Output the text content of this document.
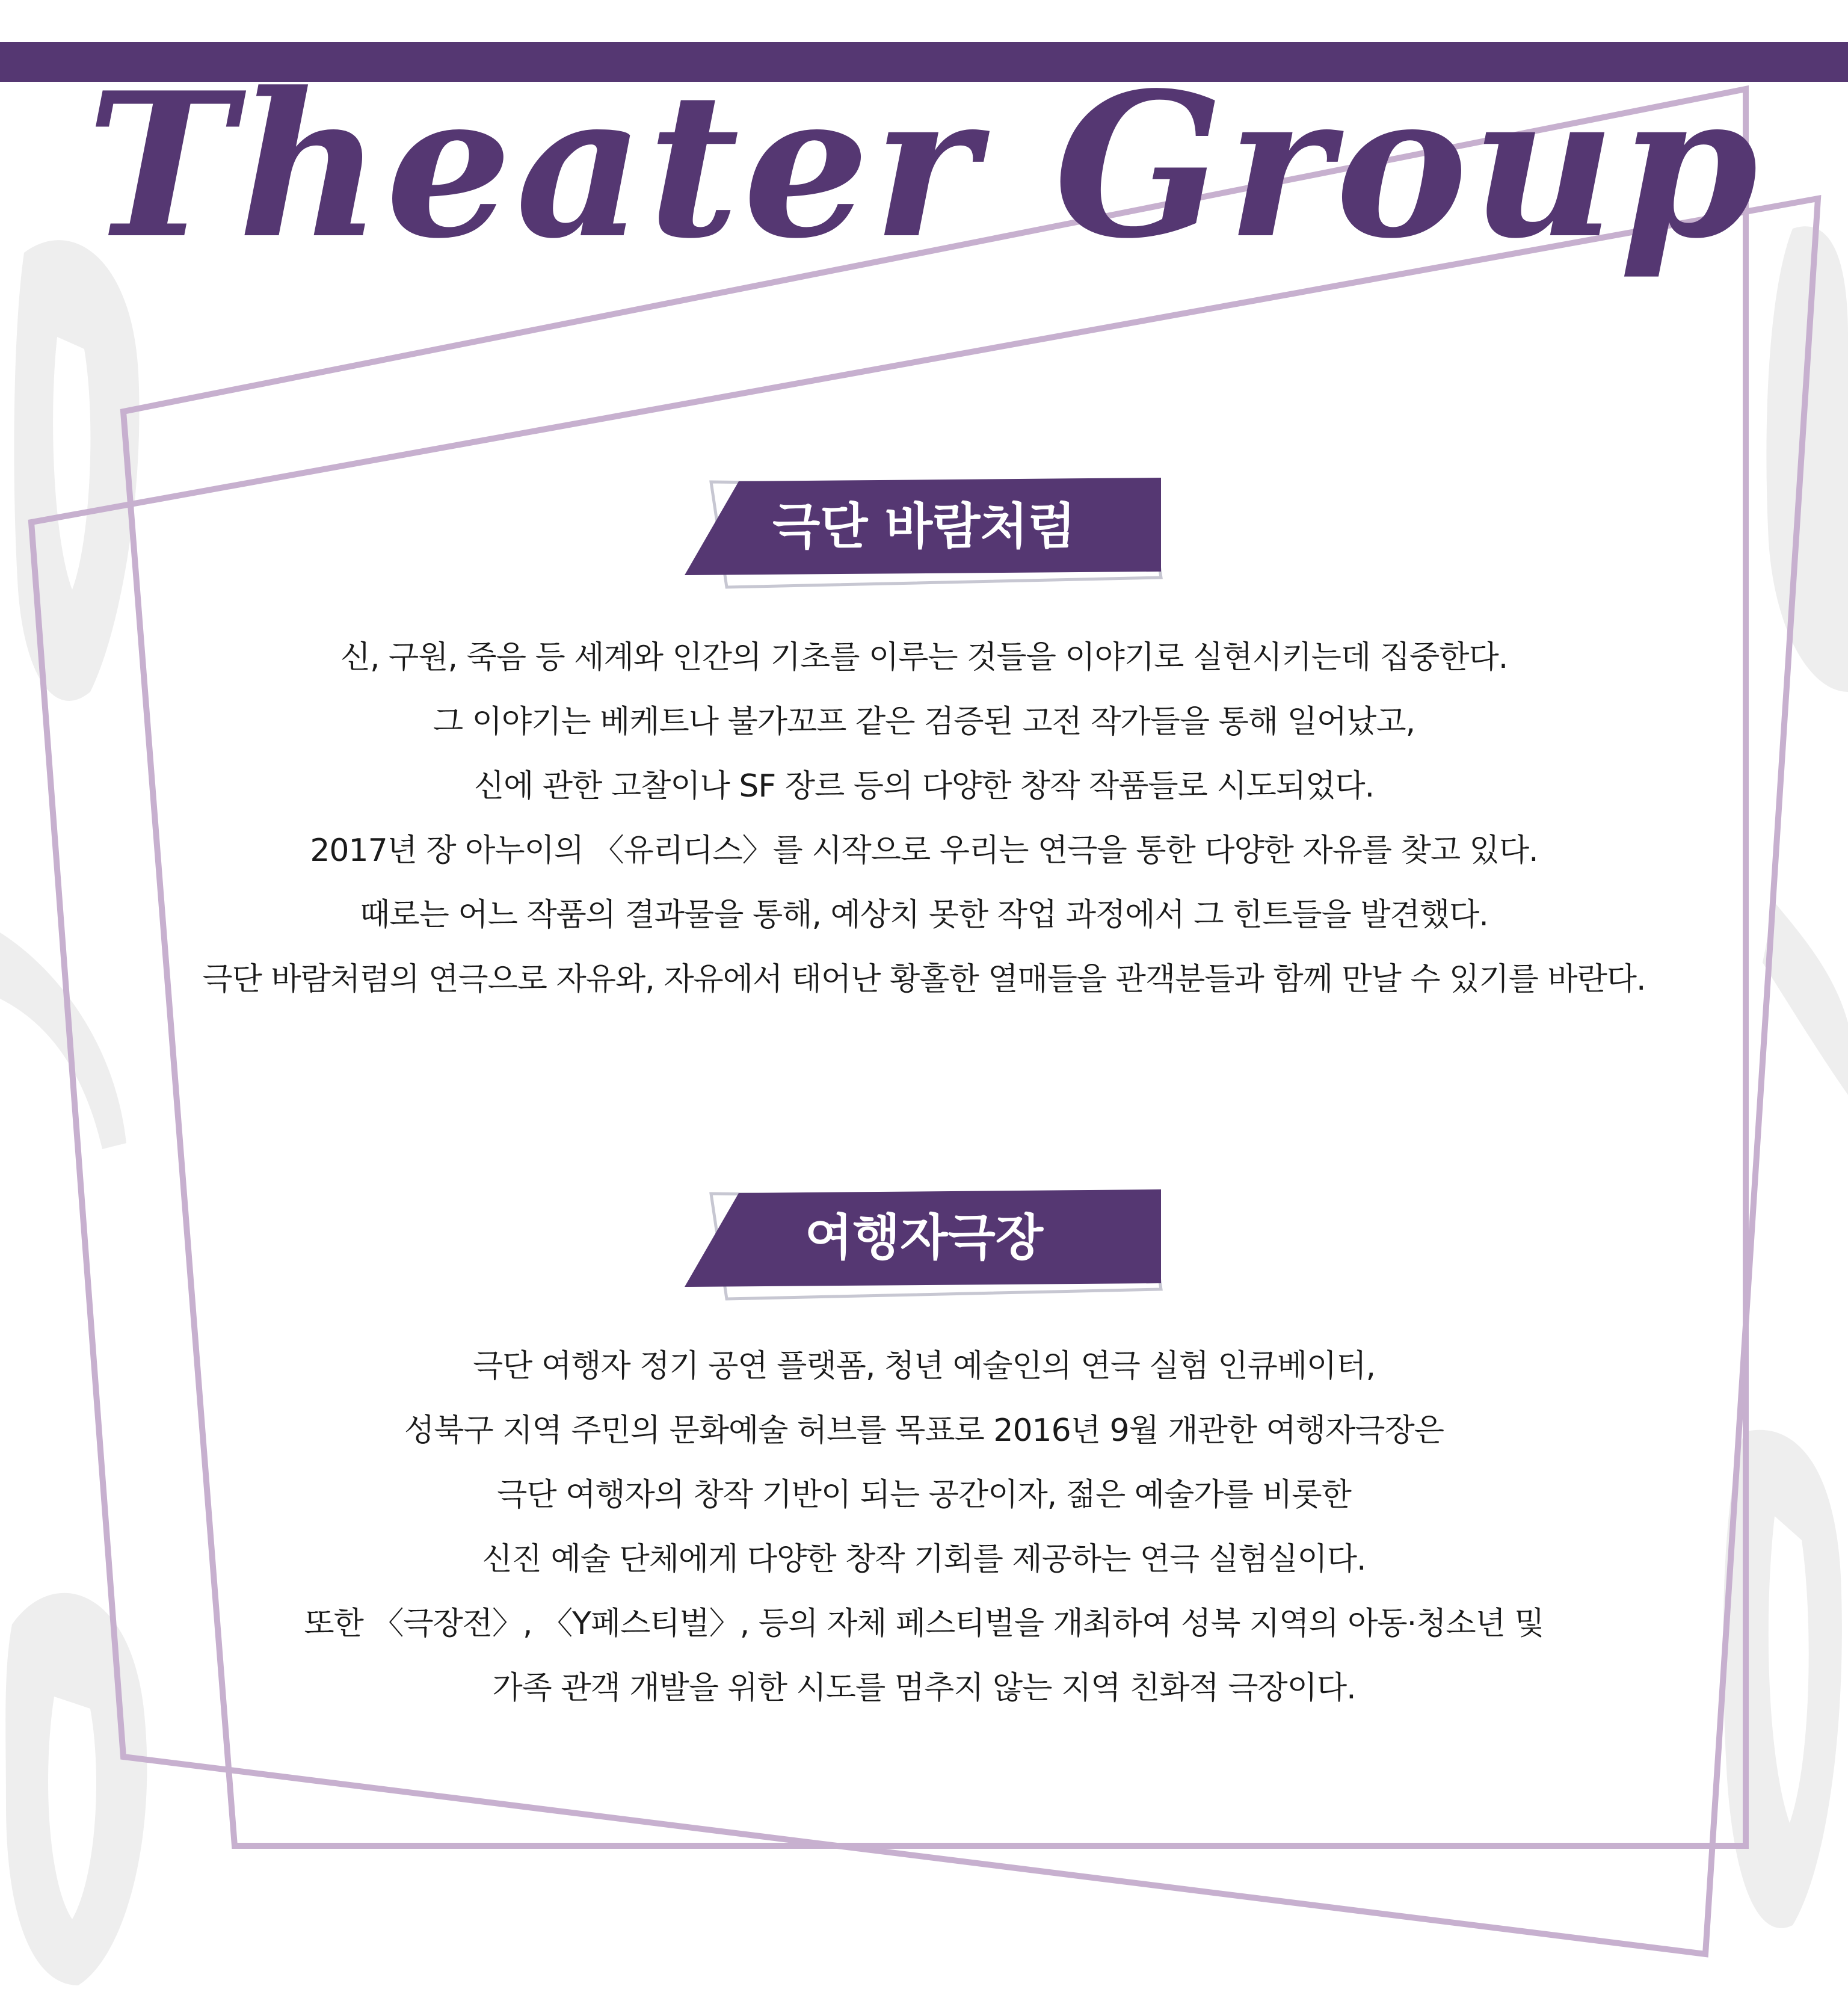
Theater Group
극단 바람처럼
신, 구원, 죽음 등 세계와 인간의 기초를 이루는 것들을 이야기로 실현시키는데 집중한다.
그 이야기는 베케트나 불가꼬프 같은 검증된 고전 작가들을 통해 일어났고,
신에 관한 고찰이나 SF 장르 등의 다양한 창작 작품들로 시도되었다.
2017년 장 아누이의 〈유리디스〉를 시작으로 우리는 연극을 통한 다양한 자유를 찾고 있다.
때로는 어느 작품의 결과물을 통해, 예상치 못한 작업 과정에서 그 힌트들을 발견했다.
극단 바람처럼의 연극으로 자유와, 자유에서 태어난 황홀한 열매들을 관객분들과 함께 만날 수 있기를 바란다.
여행자극장
극단 여행자 정기 공연 플랫폼, 청년 예술인의 연극 실험 인큐베이터,
성북구 지역 주민의 문화예술 허브를 목표로 2016년 9월 개관한 여행자극장은
극단 여행자의 창작 기반이 되는 공간이자, 젊은 예술가를 비롯한
신진 예술 단체에게 다양한 창작 기회를 제공하는 연극 실험실이다.
또한 〈극장전〉, 〈Y페스티벌〉, 등의 자체 페스티벌을 개최하여 성북 지역의 아동·청소년 및
가족 관객 개발을 위한 시도를 멈추지 않는 지역 친화적 극장이다.
